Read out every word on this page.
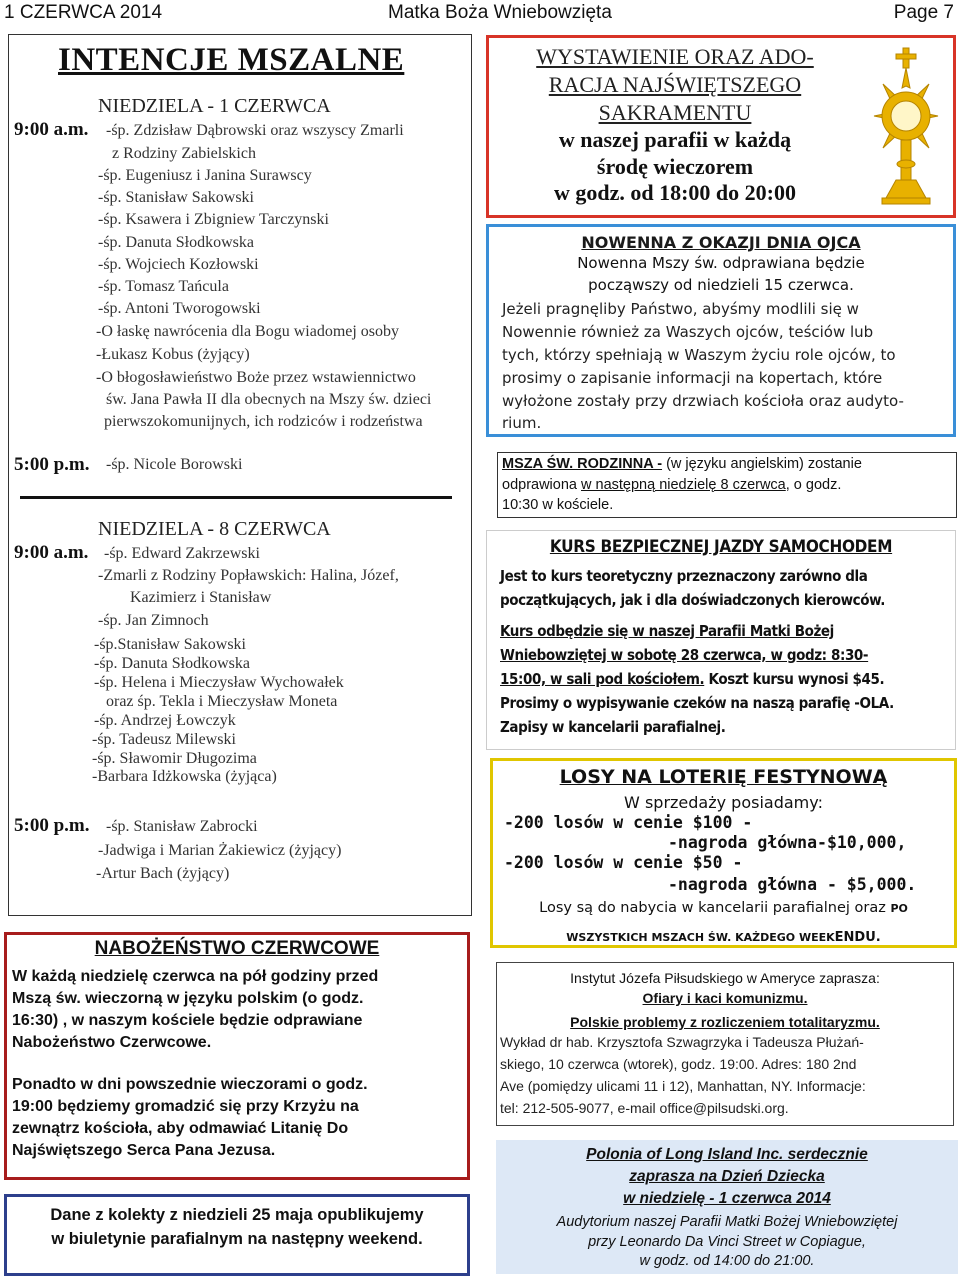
1 CZERWCA 2014	Matka Boża Wniebowzięta	Page 7
INTENCJE MSZALNE
NIEDZIELA - 1 CZERWCA
9:00 a.m. -śp. Zdzisław Dąbrowski oraz wszyscy Zmarli
z Rodziny Zabielskich
-śp. Eugeniusz i Janina Surawscy
-śp. Stanisław Sakowski
-śp. Ksawera i Zbigniew Tarczynski
-śp. Danuta Słodkowska
-śp. Wojciech Kozłowski
-śp. Tomasz Tańcula
-śp. Antoni Tworogowski
-O łaskę nawrócenia dla Bogu wiadomej osoby
-Łukasz Kobus (żyjący)
-O błogosławieństwo Boże przez wstawiennictwo
św. Jana Pawła II dla obecnych na Mszy św. dzieci
pierwszokomunijnych, ich rodziców i rodzeństwa
5:00 p.m. -śp. Nicole Borowski
NIEDZIELA - 8 CZERWCA
9:00 a.m. -śp. Edward Zakrzewski
-Zmarli z Rodziny Popławskich: Halina, Józef,
Kazimierz i Stanisław
-śp. Jan Zimnoch
-śp.Stanisław Sakowski
-śp. Danuta Słodkowska
-śp. Helena i Mieczysław Wychowałek
oraz śp. Tekla i Mieczysław Moneta
-śp. Andrzej Łowczyk
-śp. Tadeusz Milewski
-śp. Sławomir Długozima
-Barbara Idżkowska (żyjąca)
5:00 p.m. -śp. Stanisław Zabrocki
-Jadwiga i Marian Żakiewicz (żyjący)
-Artur Bach (żyjący)
WYSTAWIENIE ORAZ ADO-
RACJA NAJŚWIĘTSZEGO
SAKRAMENTU
w naszej parafii w każdą
środę wieczorem
w godz. od 18:00 do 20:00
NOWENNA Z OKAZJI DNIA OJCA
Nowenna Mszy św. odprawiana będzie
począwszy od niedzieli 15 czerwca.
Jeżeli pragnęliby Państwo, abyśmy modlili się w
Nowennie również za Waszych ojców, teściów lub
tych, którzy spełniają w Waszym życiu role ojców, to
prosimy o zapisanie informacji na kopertach, które
wyłożone zostały przy drzwiach kościoła oraz audyto-
rium.
MSZA ŚW. RODZINNA - (w języku angielskim) zostanie
odprawiona w następną niedzielę 8 czerwca, o godz.
10:30 w kościele.
KURS BEZPIECZNEJ JAZDY SAMOCHODEM
Jest to kurs teoretyczny przeznaczony zarówno dla
początkujących, jak i dla doświadczonych kierowców.
Kurs odbędzie się w naszej Parafii Matki Bożej
Wniebowziętej w sobotę 28 czerwca, w godz: 8:30-
15:00, w sali pod kościołem. Koszt kursu wynosi $45.
Prosimy o wypisywanie czeków na naszą parafię -OLA.
Zapisy w kancelarii parafialnej.
LOSY NA LOTERIĘ FESTYNOWĄ
W sprzedaży posiadamy:
-200 losów w cenie $100 -
-nagroda główna-$10,000,
-200 losów w cenie $50 -
-nagroda główna - $5,000.
Losy są do nabycia w kancelarii parafialnej oraz PO
WSZYSTKICH MSZACH ŚW. KAŻDEGO WEEKENDU.
NABOŻEŃSTWO CZERWCOWE
W każdą niedzielę czerwca na pół godziny przed
Mszą św. wieczorną w języku polskim (o godz.
16:30) , w naszym kościele będzie odprawiane
Nabożeństwo Czerwcowe.
Ponadto w dni powszednie wieczorami o godz.
19:00 będziemy gromadzić się przy Krzyżu na
zewnątrz kościoła, aby odmawiać Litanię Do
Najświętszego Serca Pana Jezusa.
Instytut Józefa Piłsudskiego w Ameryce zaprasza:
Ofiary i kaci komunizmu.
Polskie problemy z rozliczeniem totalitaryzmu.
Wykład dr hab. Krzysztofa Szwagrzyka i Tadeusza Płużań-
skiego, 10 czerwca (wtorek), godz. 19:00. Adres: 180 2nd
Ave (pomiędzy ulicami 11 i 12), Manhattan, NY. Informacje:
tel: 212-505-9077, e-mail office@pilsudski.org.
Dane z kolekty z niedzieli 25 maja opublikujemy
w biuletynie parafialnym na następny weekend.
Polonia of Long Island Inc. serdecznie
zaprasza na Dzień Dziecka
w niedzielę - 1 czerwca 2014
Audytorium naszej Parafii Matki Bożej Wniebowziętej
przy Leonardo Da Vinci Street w Copiague,
w godz. od 14:00 do 21:00.
